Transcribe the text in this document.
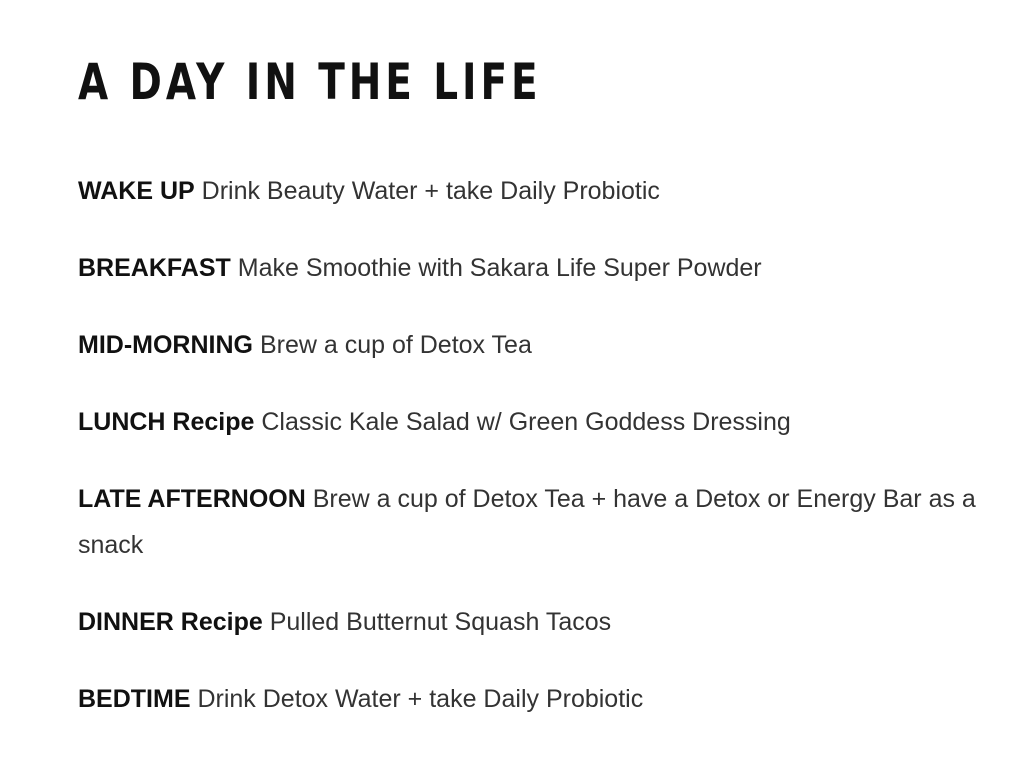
A DAY IN THE LIFE
WAKE UP Drink Beauty Water + take Daily Probiotic
BREAKFAST Make Smoothie with Sakara Life Super Powder
MID-MORNING Brew a cup of Detox Tea
LUNCH Recipe Classic Kale Salad w/ Green Goddess Dressing
LATE AFTERNOON Brew a cup of Detox Tea + have a Detox or Energy Bar as a snack
DINNER Recipe Pulled Butternut Squash Tacos
BEDTIME Drink Detox Water + take Daily Probiotic
